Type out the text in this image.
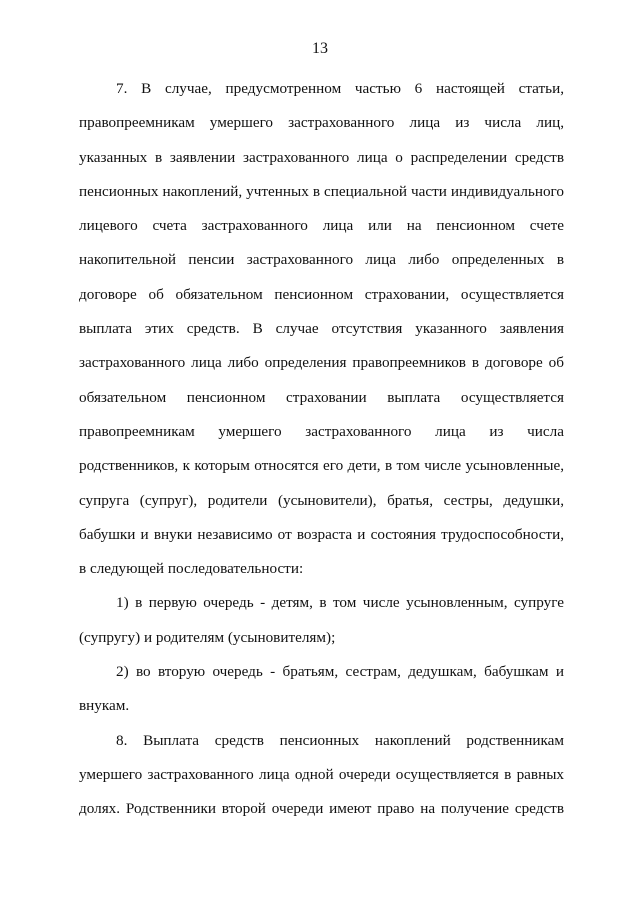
13

7. В случае, предусмотренном частью 6 настоящей статьи, правопреемникам умершего застрахованного лица из числа лиц, указанных в заявлении застрахованного лица о распределении средств пенсионных накоплений, учтенных в специальной части индивидуального лицевого счета застрахованного лица или на пенсионном счете накопительной пенсии застрахованного лица либо определенных в договоре об обязательном пенсионном страховании, осуществляется выплата этих средств. В случае отсутствия указанного заявления застрахованного лица либо определения правопреемников в договоре об обязательном пенсионном страховании выплата осуществляется правопреемникам умершего застрахованного лица из числа родственников, к которым относятся его дети, в том числе усыновленные, супруга (супруг), родители (усыновители), братья, сестры, дедушки, бабушки и внуки независимо от возраста и состояния трудоспособности, в следующей последовательности:

1) в первую очередь - детям, в том числе усыновленным, супруге (супругу) и родителям (усыновителям);

2) во вторую очередь - братьям, сестрам, дедушкам, бабушкам и внукам.

8. Выплата средств пенсионных накоплений родственникам умершего застрахованного лица одной очереди осуществляется в равных долях. Родственники второй очереди имеют право на получение средств
